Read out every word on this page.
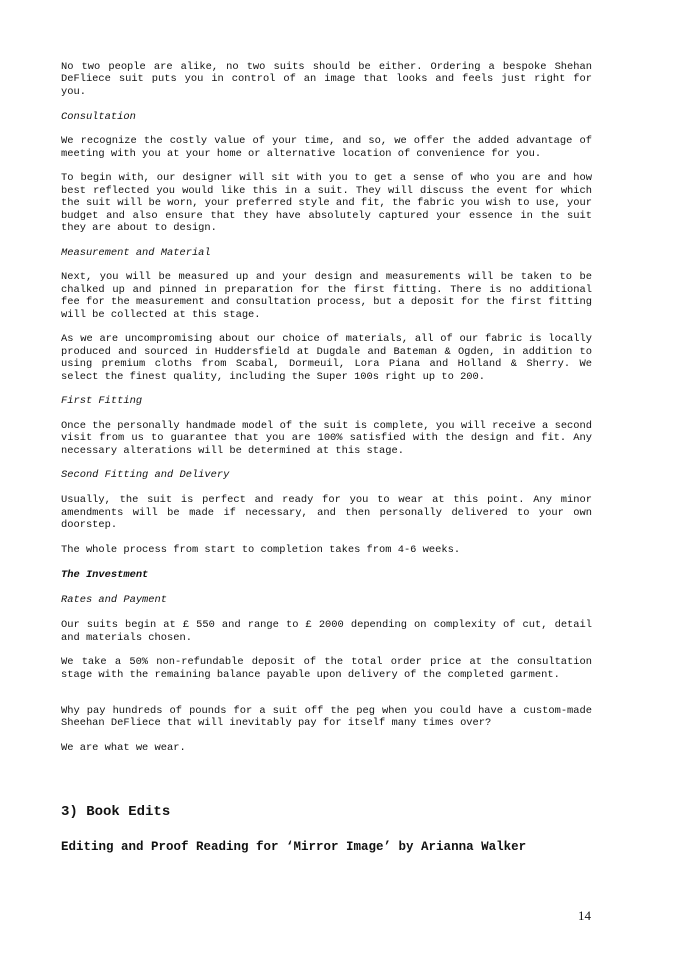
No two people are alike, no two suits should be either. Ordering a bespoke Shehan DeFliece suit puts you in control of an image that looks and feels just right for you.

Consultation

We recognize the costly value of your time, and so, we offer the added advantage of meeting with you at your home or alternative location of convenience for you.

To begin with, our designer will sit with you to get a sense of who you are and how best reflected you would like this in a suit. They will discuss the event for which the suit will be worn, your preferred style and fit, the fabric you wish to use, your budget and also ensure that they have absolutely captured your essence in the suit they are about to design.

Measurement and Material

Next, you will be measured up and your design and measurements will be taken to be chalked up and pinned in preparation for the first fitting. There is no additional fee for the measurement and consultation process, but a deposit for the first fitting will be collected at this stage.

As we are uncompromising about our choice of materials, all of our fabric is locally produced and sourced in Huddersfield at Dugdale and Bateman & Ogden, in addition to using premium cloths from Scabal, Dormeuil, Lora Piana and Holland & Sherry. We select the finest quality, including the Super 100s right up to 200.

First Fitting

Once the personally handmade model of the suit is complete, you will receive a second visit from us to guarantee that you are 100% satisfied with the design and fit. Any necessary alterations will be determined at this stage.

Second Fitting and Delivery

Usually, the suit is perfect and ready for you to wear at this point. Any minor amendments will be made if necessary, and then personally delivered to your own doorstep.

The whole process from start to completion takes from 4-6 weeks.

The Investment

Rates and Payment

Our suits begin at £ 550 and range to £ 2000 depending on complexity of cut, detail and materials chosen.

We take a 50% non-refundable deposit of the total order price at the consultation stage with the remaining balance payable upon delivery of the completed garment.

Why pay hundreds of pounds for a suit off the peg when you could have a custom-made Sheehan DeFliece that will inevitably pay for itself many times over?

We are what we wear.

3) Book Edits

Editing and Proof Reading for ‘Mirror Image’ by Arianna Walker

14
